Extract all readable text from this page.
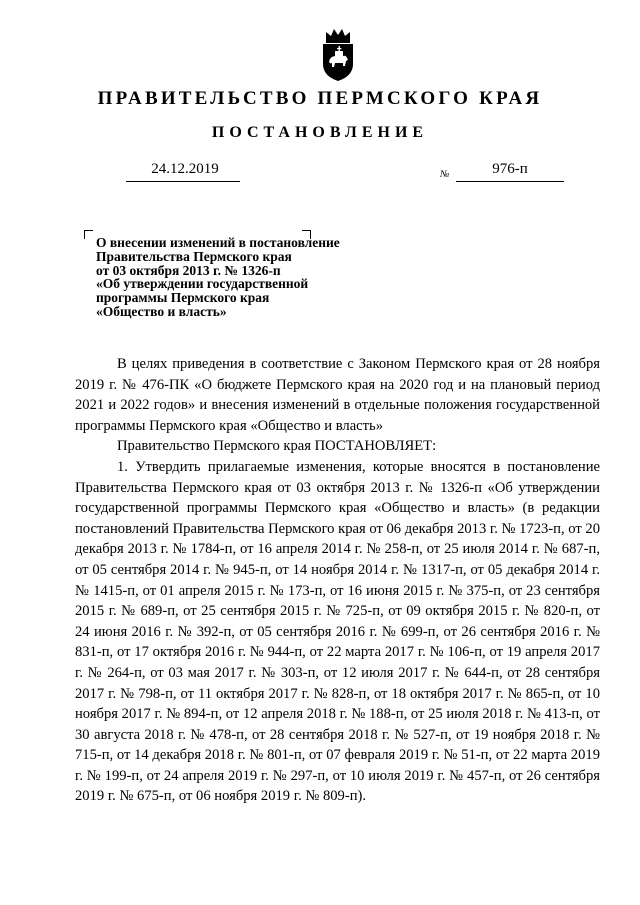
ПРАВИТЕЛЬСТВО ПЕРМСКОГО КРАЯ
ПОСТАНОВЛЕНИЕ
24.12.2019	№	976-п
О внесении изменений в постановление
Правительства Пермского края
от 03 октября 2013 г. № 1326-п
«Об утверждении государственной
программы Пермского края
«Общество и власть»

В целях приведения в соответствие с Законом Пермского края от 28 ноября 2019 г. № 476-ПК «О бюджете Пермского края на 2020 год и на плановый период 2021 и 2022 годов» и внесения изменений в отдельные положения государственной программы Пермского края «Общество и власть»

Правительство Пермского края ПОСТАНОВЛЯЕТ:

1. Утвердить прилагаемые изменения, которые вносятся в постановление Правительства Пермского края от 03 октября 2013 г. № 1326-п «Об утверждении государственной программы Пермского края «Общество и власть» (в редакции постановлений Правительства Пермского края от 06 декабря 2013 г. № 1723-п, от 20 декабря 2013 г. № 1784-п, от 16 апреля 2014 г. № 258-п, от 25 июля 2014 г. № 687-п, от 05 сентября 2014 г. № 945-п, от 14 ноября 2014 г. № 1317-п, от 05 декабря 2014 г. № 1415-п, от 01 апреля 2015 г. № 173-п, от 16 июня 2015 г. № 375-п, от 23 сентября 2015 г. № 689-п, от 25 сентября 2015 г. № 725-п, от 09 октября 2015 г. № 820-п, от 24 июня 2016 г. № 392-п, от 05 сентября 2016 г. № 699-п, от 26 сентября 2016 г. № 831-п, от 17 октября 2016 г. № 944-п, от 22 марта 2017 г. № 106-п, от 19 апреля 2017 г. № 264-п, от 03 мая 2017 г. № 303-п, от 12 июля 2017 г. № 644-п, от 28 сентября 2017 г. № 798-п, от 11 октября 2017 г. № 828-п, от 18 октября 2017 г. № 865-п, от 10 ноября 2017 г. № 894-п, от 12 апреля 2018 г. № 188-п, от 25 июля 2018 г. № 413-п, от 30 августа 2018 г. № 478-п, от 28 сентября 2018 г. № 527-п, от 19 ноября 2018 г. № 715-п, от 14 декабря 2018 г. № 801-п, от 07 февраля 2019 г. № 51-п, от 22 марта 2019 г. № 199-п, от 24 апреля 2019 г. № 297-п, от 10 июля 2019 г. № 457-п, от 26 сентября 2019 г. № 675-п, от 06 ноября 2019 г. № 809-п).
